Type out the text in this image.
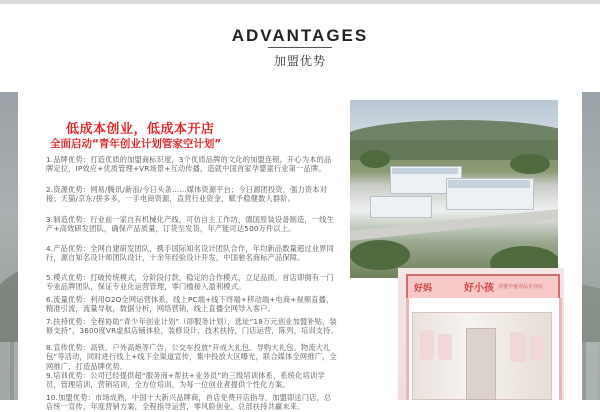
ADVANTAGES
加盟优势
低成本创业，低成本开店
全面启动“青年创业计划管家空计划”
1.品牌优势：打造优质的加盟商标识度，3个优质品牌的文化的加盟连锁，开心为本的品牌定位，IP效应+优质管理+VR场景+互动传播，造就中国首家孕婴童行业第一品牌。
2.资源优势：网易/腾讯/新浪/今日头条……媒体资源平台；今日源团投资，强力资本对接；天猫/京东/拼多多，一手电商资源，直营行业资金，赋予稳健数人群阶。
3.制造优势：行业前一家自有机械化产线，可仿自主工作坊，德国原装设备制造，一线生产+高效研发团队，确保产品质量，订货至发货，年产能可达500万件以上。
4.产品优势：全网自建研发团队，携手国际知名设计团队合作，年均新品数量超过业界同行，源自知名设计师团队设计，十余年经验设计开发，中国驰名商标产品保障。
5.模式优势：打破传统模式，分阶段付款，稳定的合作模式，立足品质，首店即拥有一门专业品牌团队，保证专业化运营管理，零门槛接入盈利模式。
6.流量优势：利用O2O全网运营体系，线上PC端+线下终端+移动端+电商+视频直播，精准引流，流量导航，数据分析，网络营销，线上直播全网导入客户。
7.扶持优势：全程协助“青少年创业计划”（即服务计划），选址“18万元创业加盟补贴，装修支持”，3600度VR虚拟店铺体验，装修设计，技术扶持，门店运营，陈列，培训支持。
8.宣传优势：高铁、户外高炮等广告，公交车投放“开成大礼包、导购大礼包、物流大礼包”等活动，同时进行线上+线下全渠道宣传，集中投放大区曝光，联合媒体全网推广，全网推广，打造品牌优势。
9.培训优势：公司已经提供超“服务商+帮扶+业务员”的三级培训体系，系统化培训学员，管理培训，营销培训，全方位培训，为每一位创业者提供个性化方案。
10.加盟优势：市场成熟，中国十大新兴品牌商，首店免费开店指导，加盟即送门店，总店统一宣传，年度营销方案，全程指导运营，零风险创业，总部扶持共赢未来。
好妈	好小孩 母婴孕童用品专业店
